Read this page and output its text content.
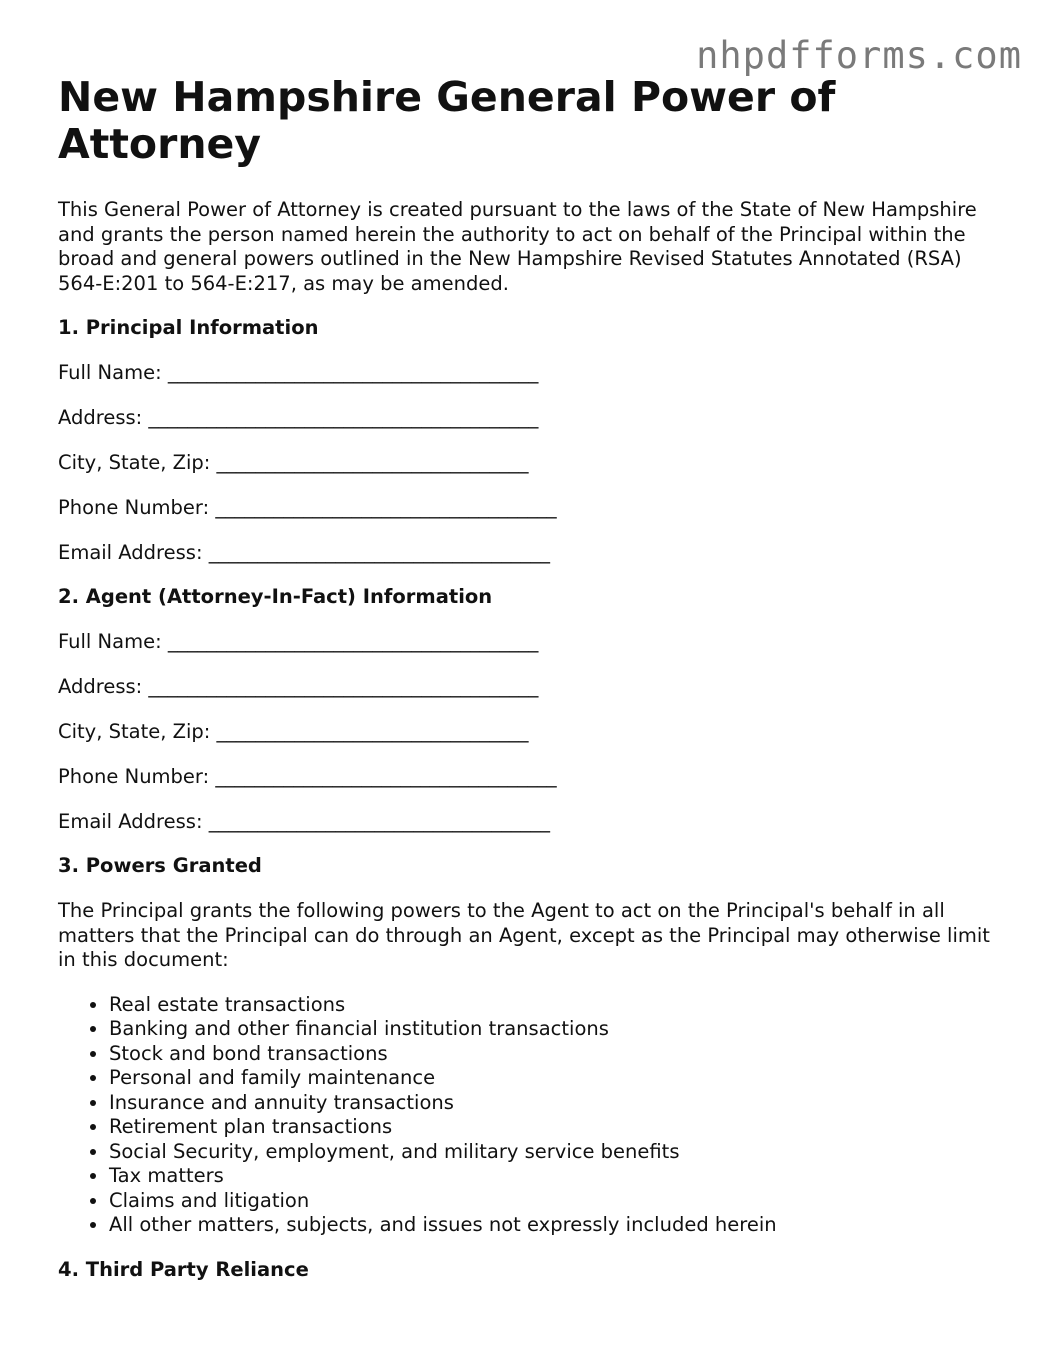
nhpdfforms.com
New Hampshire General Power of Attorney

This General Power of Attorney is created pursuant to the laws of the State of New Hampshire and grants the person named herein the authority to act on behalf of the Principal within the broad and general powers outlined in the New Hampshire Revised Statutes Annotated (RSA) 564-E:201 to 564-E:217, as may be amended.

1. Principal Information

Full Name: ______________________________________

Address: ________________________________________

City, State, Zip: ________________________________

Phone Number: ___________________________________

Email Address: ___________________________________

2. Agent (Attorney-In-Fact) Information

Full Name: ______________________________________

Address: ________________________________________

City, State, Zip: ________________________________

Phone Number: ___________________________________

Email Address: ___________________________________

3. Powers Granted

The Principal grants the following powers to the Agent to act on the Principal's behalf in all matters that the Principal can do through an Agent, except as the Principal may otherwise limit in this document:

• Real estate transactions
• Banking and other financial institution transactions
• Stock and bond transactions
• Personal and family maintenance
• Insurance and annuity transactions
• Retirement plan transactions
• Social Security, employment, and military service benefits
• Tax matters
• Claims and litigation
• All other matters, subjects, and issues not expressly included herein
4. Third Party Reliance
